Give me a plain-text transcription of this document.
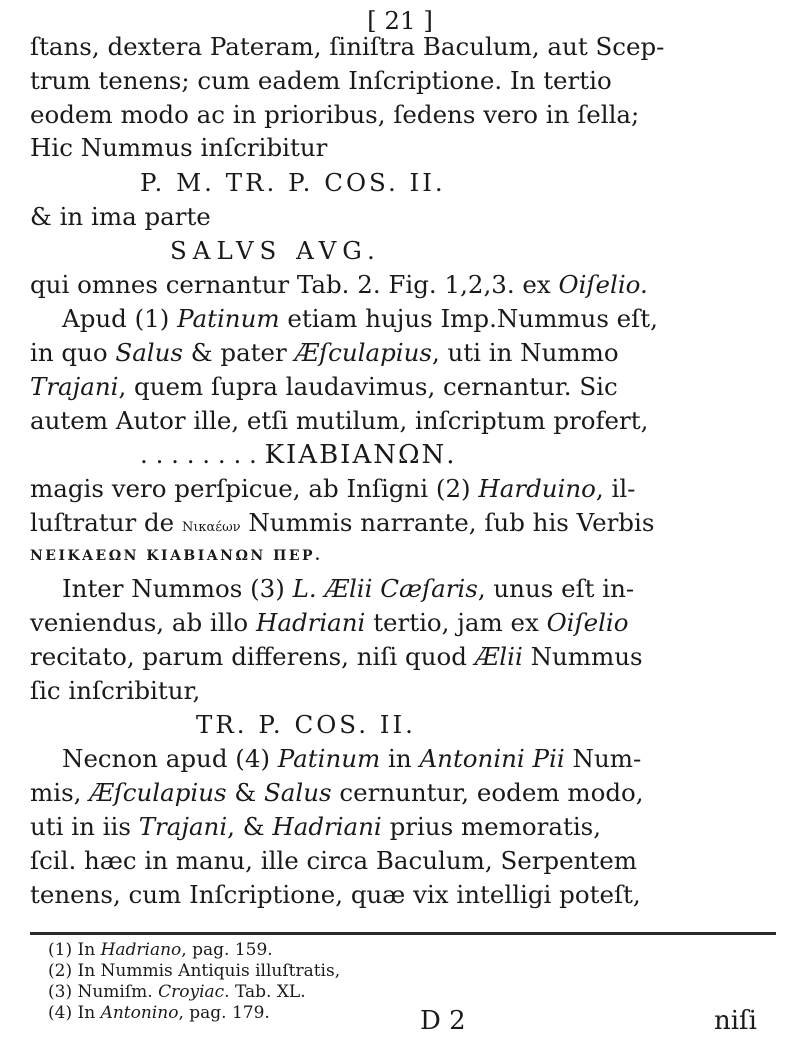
[ 21 ]
ſtans, dextera Pateram, ſiniſtra Baculum, aut Scep-
trum tenens; cum eadem Inſcriptione. In tertio
eodem modo ac in prioribus, ſedens vero in ſella;
Hic Nummus inſcribitur
P. M. TR. P. COS. II.
& in ima parte
SALVS AVG.
qui omnes cernantur Tab. 2. Fig. 1,2,3. ex Oiſelio.
Apud (1) Patinum etiam hujus Imp.Nummus eſt,
in quo Salus & pater Æſculapius, uti in Nummo
Trajani, quem ſupra laudavimus, cernantur. Sic
autem Autor ille, etſi mutilum, inſcriptum profert,
. . . . . . . . ΚΙΑΒΙΑΝΩΝ.
magis vero perſpicue, ab Inſigni (2) Harduino, il-
luſtratur de Νικαέων Nummis narrante, ſub his Verbis
ΝΕΙΚΑΕΩΝ ΚΙΑΒΙΑΝΩΝ ΠΕΡ.
Inter Nummos (3) L. Ælii Cæſaris, unus eſt in-
veniendus, ab illo Hadriani tertio, jam ex Oiſelio
recitato, parum differens, niſi quod Ælii Nummus
ſic inſcribitur,
TR. P. COS. II.
Necnon apud (4) Patinum in Antonini Pii Num-
mis, Æſculapius & Salus cernuntur, eodem modo,
uti in iis Trajani, & Hadriani prius memoratis,
ſcil. hæc in manu, ille circa Baculum, Serpentem
tenens, cum Inſcriptione, quæ vix intelligi poteſt,
(1) In Hadriano, pag. 159.
(2) In Nummis Antiquis illuſtratis,
(3) Numiſm. Croyiac. Tab. XL.
(4) In Antonino, pag. 179.	D 2	niſi
